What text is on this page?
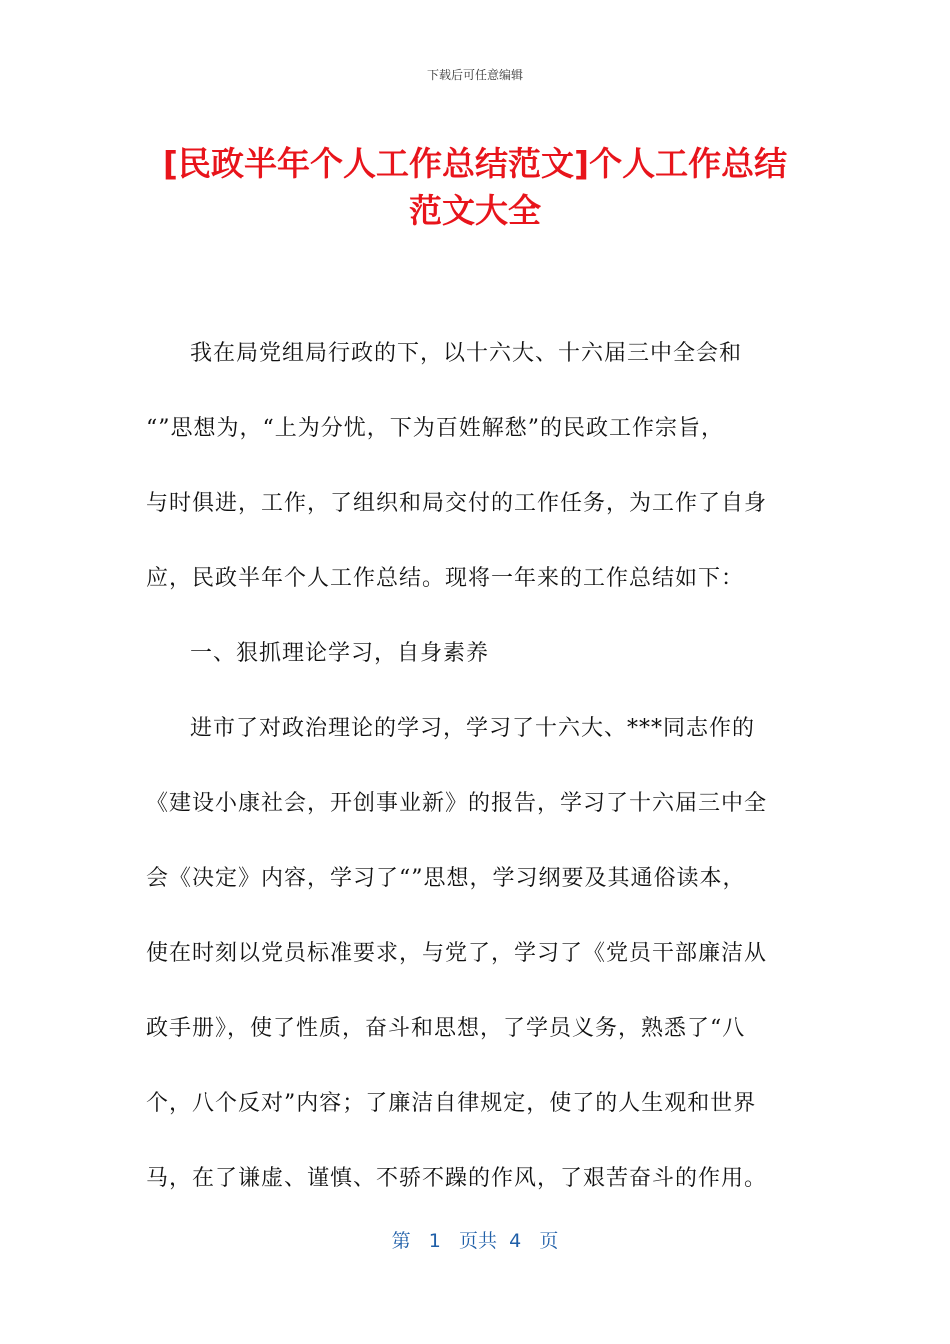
下载后可任意编辑
[民政半年个人工作总结范文]个人工作总结
范文大全

我在局党组局行政的下，以十六大、十六届三中全会和
“”思想为，“上为分忧，下为百姓解愁”的民政工作宗旨，
与时俱进，工作，了组织和局交付的工作任务，为工作了自身
应，民政半年个人工作总结。现将一年来的工作总结如下：

一、狠抓理论学习，自身素养

进市了对政治理论的学习，学习了十六大、***同志作的
《建设小康社会，开创事业新》的报告，学习了十六届三中全
会《决定》内容，学习了“”思想，学习纲要及其通俗读本，
使在时刻以党员标准要求，与党了，学习了《党员干部廉洁从
政手册》，使了性质，奋斗和思想，了学员义务，熟悉了“八
个，八个反对”内容；了廉洁自律规定，使了的人生观和世界
马，在了谦虚、谨慎、不骄不躁的作风，了艰苦奋斗的作用。

第 1 页共 4 页
